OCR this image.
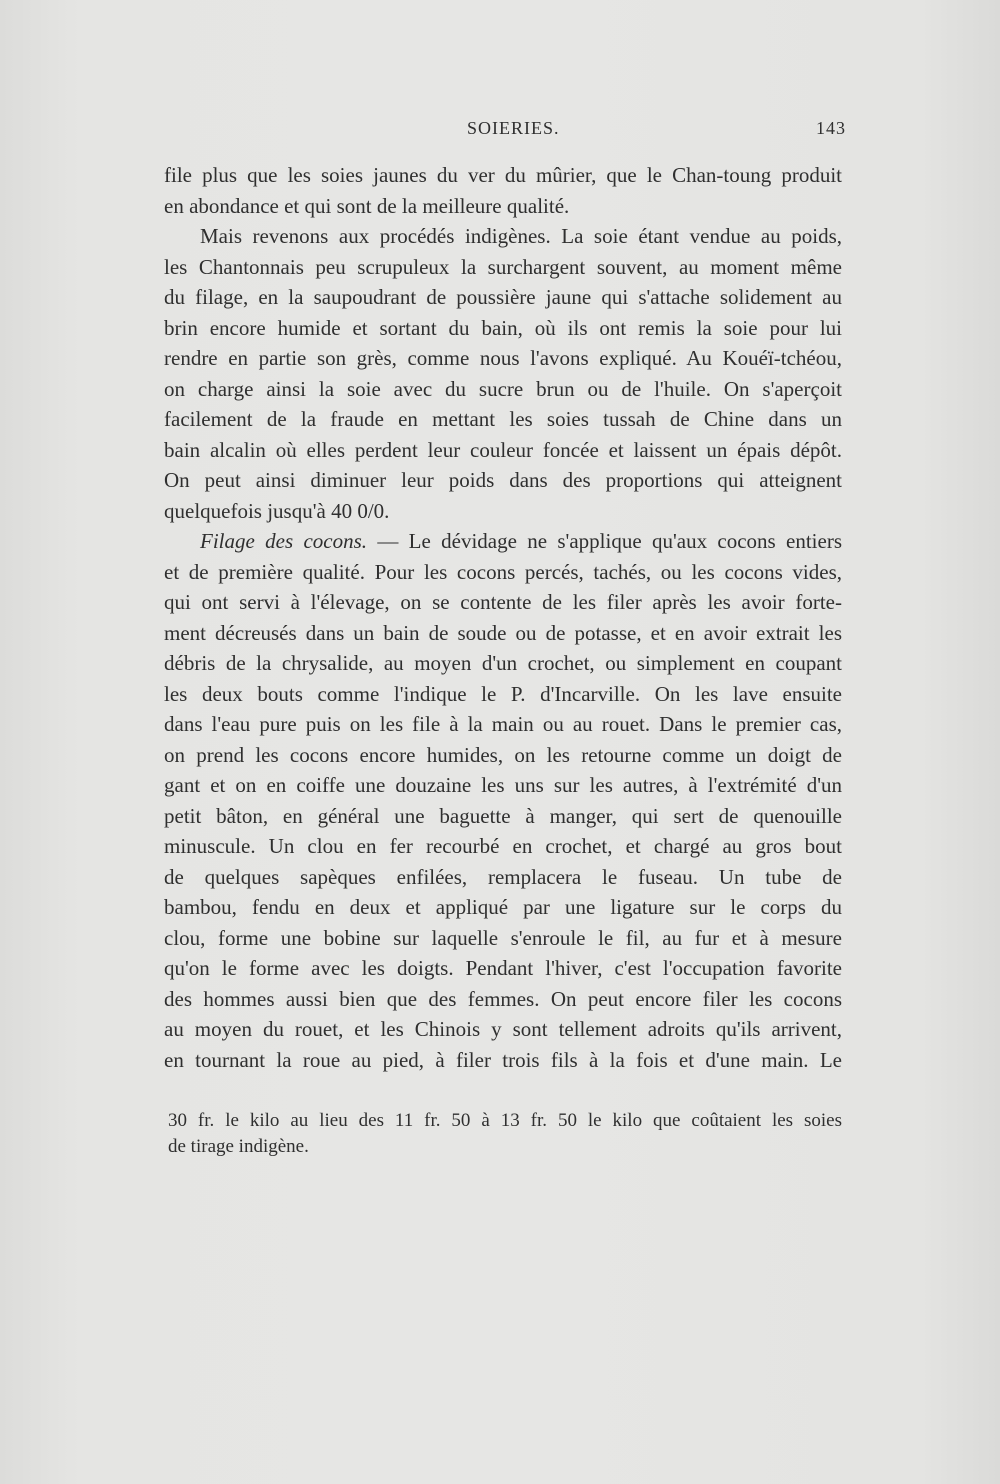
SOIERIES.	143
file plus que les soies jaunes du ver du mûrier, que le Chan-toung produit
en abondance et qui sont de la meilleure qualité.
Mais revenons aux procédés indigènes. La soie étant vendue au poids,
les Chantonnais peu scrupuleux la surchargent souvent, au moment même
du filage, en la saupoudrant de poussière jaune qui s'attache solidement au
brin encore humide et sortant du bain, où ils ont remis la soie pour lui
rendre en partie son grès, comme nous l'avons expliqué. Au Kouéï-tchéou,
on charge ainsi la soie avec du sucre brun ou de l'huile. On s'aperçoit
facilement de la fraude en mettant les soies tussah de Chine dans un
bain alcalin où elles perdent leur couleur foncée et laissent un épais dépôt.
On peut ainsi diminuer leur poids dans des proportions qui atteignent
quelquefois jusqu'à 40 0/0.
Filage des cocons. — Le dévidage ne s'applique qu'aux cocons entiers
et de première qualité. Pour les cocons percés, tachés, ou les cocons vides,
qui ont servi à l'élevage, on se contente de les filer après les avoir forte-
ment décreusés dans un bain de soude ou de potasse, et en avoir extrait les
débris de la chrysalide, au moyen d'un crochet, ou simplement en coupant
les deux bouts comme l'indique le P. d'Incarville. On les lave ensuite
dans l'eau pure puis on les file à la main ou au rouet. Dans le premier cas,
on prend les cocons encore humides, on les retourne comme un doigt de
gant et on en coiffe une douzaine les uns sur les autres, à l'extrémité d'un
petit bâton, en général une baguette à manger, qui sert de quenouille
minuscule. Un clou en fer recourbé en crochet, et chargé au gros bout
de quelques sapèques enfilées, remplacera le fuseau. Un tube de
bambou, fendu en deux et appliqué par une ligature sur le corps du
clou, forme une bobine sur laquelle s'enroule le fil, au fur et à mesure
qu'on le forme avec les doigts. Pendant l'hiver, c'est l'occupation favorite
des hommes aussi bien que des femmes. On peut encore filer les cocons
au moyen du rouet, et les Chinois y sont tellement adroits qu'ils arrivent,
en tournant la roue au pied, à filer trois fils à la fois et d'une main. Le
30 fr. le kilo au lieu des 11 fr. 50 à 13 fr. 50 le kilo que coûtaient les soies
de tirage indigène.
